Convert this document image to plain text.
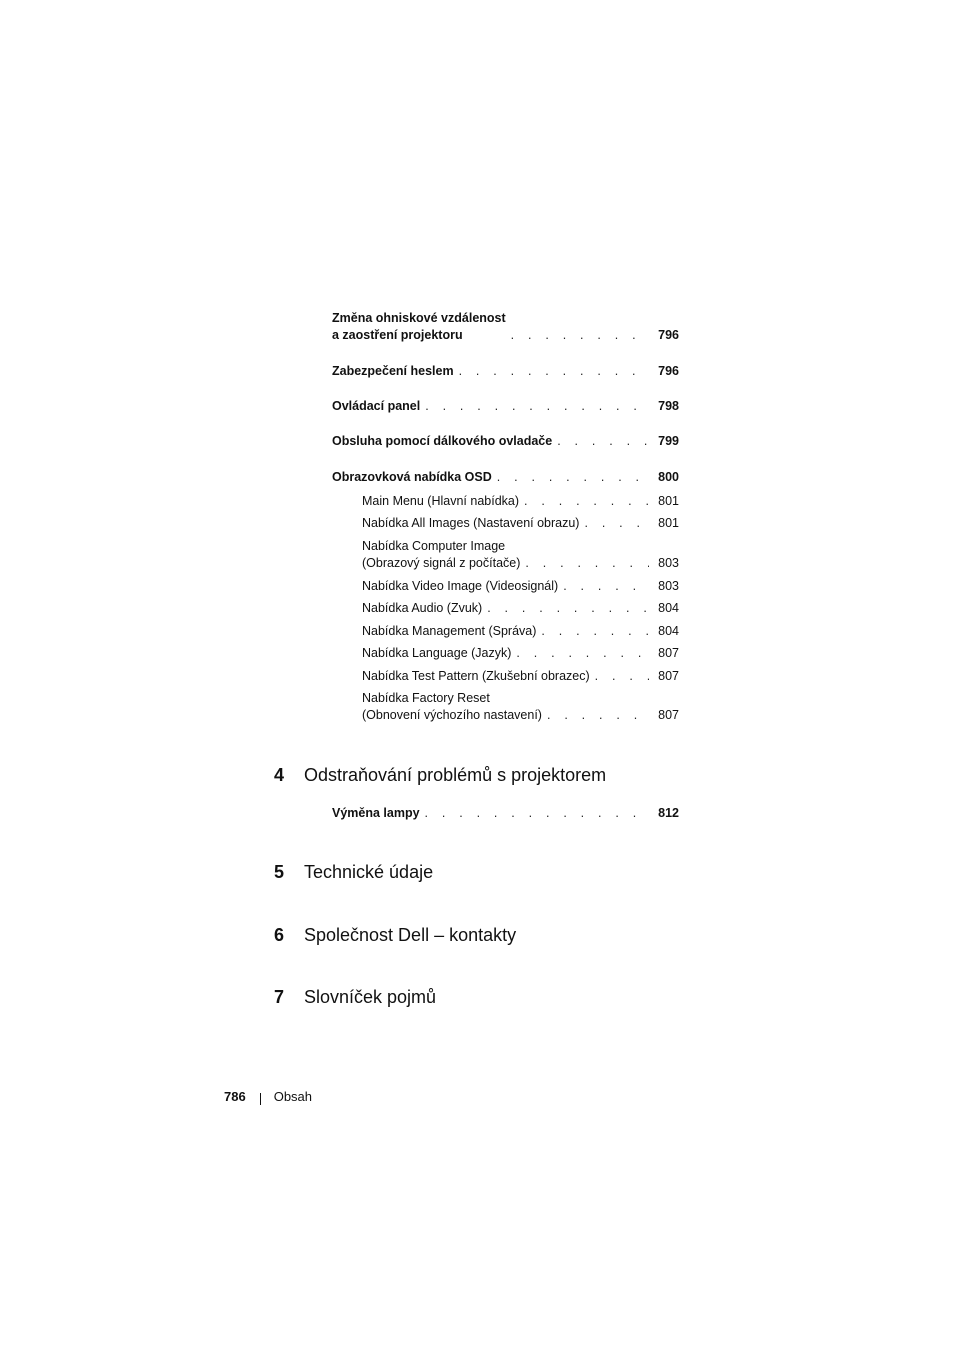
Změna ohniskové vzdálenost
a zaostření projektoru . . .	796
Zabezpečení heslem . . .	796
Ovládací panel . . .	798
Obsluha pomocí dálkového ovladače . . .	799
Obrazovková nabídka OSD . . .	800
Main Menu (Hlavní nabídka) . . .	801
Nabídka All Images (Nastavení obrazu) . . .	801
Nabídka Computer Image
(Obrazový signál z počítače) . . .	803
Nabídka Video Image (Videosignál) . . .	803
Nabídka Audio (Zvuk) . . .	804
Nabídka Management (Správa) . . .	804
Nabídka Language (Jazyk) . . .	807
Nabídka Test Pattern (Zkušební obrazec) . . .	807
Nabídka Factory Reset
(Obnovení výchozího nastavení) . . .	807
4 Odstraňování problémů s projektorem
Výměna lampy . . .	812
5 Technické údaje
6 Společnost Dell – kontakty
7 Slovníček pojmů
786 Obsah
